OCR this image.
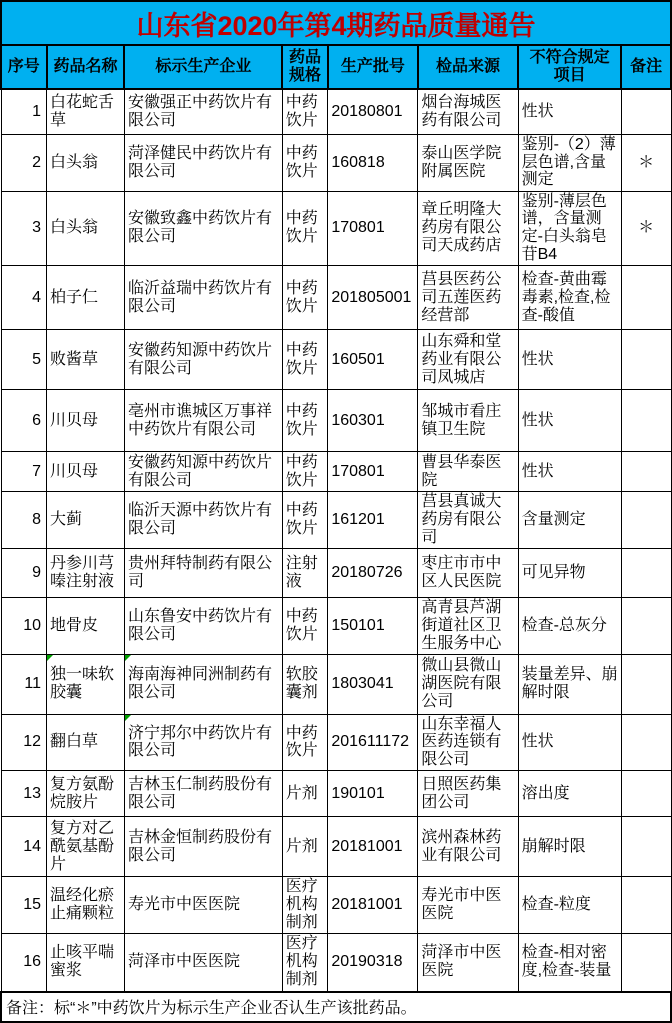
山东省2020年第4期药品质量通告							
序号	药品名称	标示生产企业	药品规格	生产批号	检品来源	不符合规定项目	备注
1	白花蛇舌草	安徽强正中药饮片有限公司	中药饮片	20180801	烟台海城医药有限公司	性状	
2	白头翁	菏泽健民中药饮片有限公司	中药饮片	160818	泰山医学院附属医院	鉴别-（2）薄层色谱,含量测定	＊
3	白头翁	安徽致鑫中药饮片有限公司	中药饮片	170801	章丘明隆大药房有限公司天成药店	鉴别-薄层色谱，含量测定-白头翁皂苷B4	＊
4	柏子仁	临沂益瑞中药饮片有限公司	中药饮片	201805001	莒县医药公司五莲医药经营部	检查-黄曲霉毒素,检查,检查-酸值	
5	败酱草	安徽药知源中药饮片有限公司	中药饮片	160501	山东舜和堂药业有限公司凤城店	性状	
6	川贝母	亳州市谯城区万事祥中药饮片有限公司	中药饮片	160301	邹城市看庄镇卫生院	性状	
7	川贝母	安徽药知源中药饮片有限公司	中药饮片	170801	曹县华泰医院	性状	
8	大蓟	临沂天源中药饮片有限公司	中药饮片	161201	莒县真诚大药房有限公司	含量测定	
9	丹参川芎嗪注射液	贵州拜特制药有限公司	注射液	20180726	枣庄市市中区人民医院	可见异物	
10	地骨皮	山东鲁安中药饮片有限公司	中药饮片	150101	高青县芦湖街道社区卫生服务中心	检查-总灰分	
11	独一味软胶囊	海南海神同洲制药有限公司	软胶囊剂	1803041	微山县微山湖医院有限公司	装量差异、崩解时限	
12	翻白草	济宁邦尔中药饮片有限公司	中药饮片	201611172	山东幸福人医药连锁有限公司	性状	
13	复方氨酚烷胺片	吉林玉仁制药股份有限公司	片剂	190101	日照医药集团公司	溶出度	
14	复方对乙酰氨基酚片	吉林金恒制药股份有限公司	片剂	20181001	滨州森林药业有限公司	崩解时限	
15	温经化瘀止痛颗粒	寿光市中医医院	医疗机构制剂	20181001	寿光市中医医院	检查-粒度	
16	止咳平喘蜜浆	菏泽市中医医院	医疗机构制剂	20190318	菏泽市中医医院	检查-相对密度,检查-装量	
备注：标“＊”中药饮片为标示生产企业否认生产该批药品。							
